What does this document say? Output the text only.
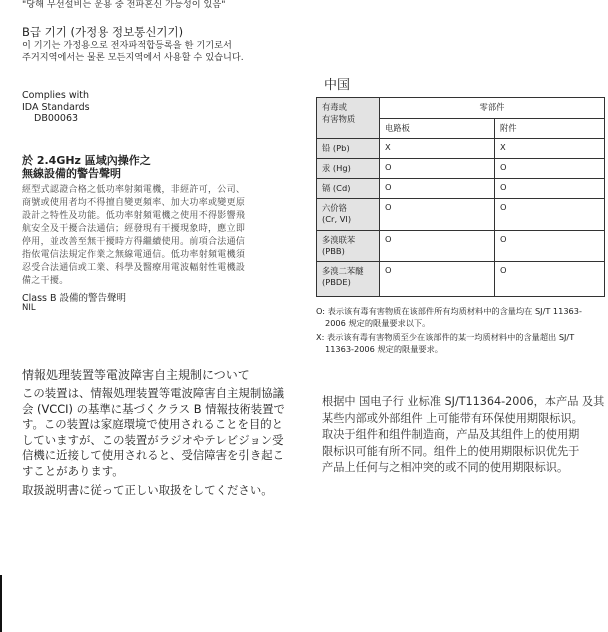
"당해 무선설비는 운용 중 전파혼신 가능성이 있음"
B급 기기 (가정용 정보통신기기)
이 기기는 가정용으로 전자파적합등록을 한 기기로서
주거지역에서는 물론 모든지역에서 사용할 수 있습니다.
Complies with
IDA Standards
DB00063
於 2.4GHz 區域內操作之
無線設備的警告聲明
經型式認證合格之低功率射頻電機，非經許可，公司、
商號或使用者均不得擅自變更頻率、加大功率或變更原
設計之特性及功能。低功率射頻電機之使用不得影響飛
航安全及干擾合法通信；經發現有干擾現象時，應立即
停用，並改善至無干擾時方得繼續使用。前項合法通信
指依電信法規定作業之無線電通信。低功率射頻電機須
忍受合法通信或工業、科學及醫療用電波輻射性電機設
備之干擾。
Class B 設備的警告聲明
NIL
情報処理装置等電波障害自主規制について
この装置は、情報処理装置等電波障害自主規制協議
会 (VCCI) の基準に基づくクラス B 情報技術装置で
す。この装置は家庭環境で使用されることを目的と
していますが、この装置がラジオやテレビジョン受
信機に近接して使用されると、受信障害を引き起こ
すことがあります。
取扱説明書に従って正しい取扱をしてください。
中国
有毒或
有害物质	零部件	
	电路板	附件
铅 (Pb)	X	X
汞 (Hg)	O	O
镉 (Cd)	O	O

六价铬
(Cr, VI)	O	O

多溴联苯
(PBB)	O	O

多溴二苯醚
(PBDE)	O	O
O: 表示该有毒有害物质在该部件所有均质材料中的含量均在 SJ/T 11363-2006 规定的限量要求以下。
X: 表示该有毒有害物质至少在该部件的某一均质材料中的含量超出 SJ/T 11363-2006 规定的限量要求。
根据中 国电子行 业标准 SJ/T11364-2006，本产品 及其
某些内部或外部组件 上可能带有环保使用期限标识。
取决于组件和组件制造商，产品及其组件上的使用期
限标识可能有所不同。组件上的使用期限标识优先于
产品上任何与之相冲突的或不同的使用期限标识。
